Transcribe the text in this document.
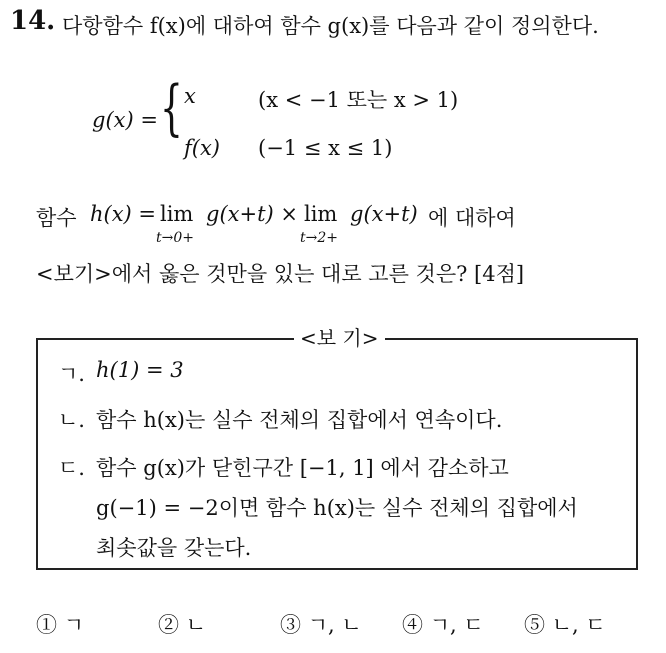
14. 다항함수 f(x)에 대하여 함수 g(x)를 다음과 같이 정의한다.
g(x) = { x	(x < −1 또는 x > 1)
f(x) (−1 ≤ x ≤ 1)
함수 h(x) = lim
t→0+
g(x+t) × lim
t→2+
g(x+t) 에 대하여
<보기>에서 옳은 것만을 있는 대로 고른 것은? [4점]
<보 기>
ㄱ. h(1) = 3
ㄴ. 함수 h(x)는 실수 전체의 집합에서 연속이다.
ㄷ. 함수 g(x)가 닫힌구간 [−1, 1] 에서 감소하고
g(−1) = −2이면 함수 h(x)는 실수 전체의 집합에서
최솟값을 갖는다.
① ㄱ	② ㄴ	③ ㄱ, ㄴ ④ ㄱ, ㄷ ⑤ ㄴ, ㄷ
